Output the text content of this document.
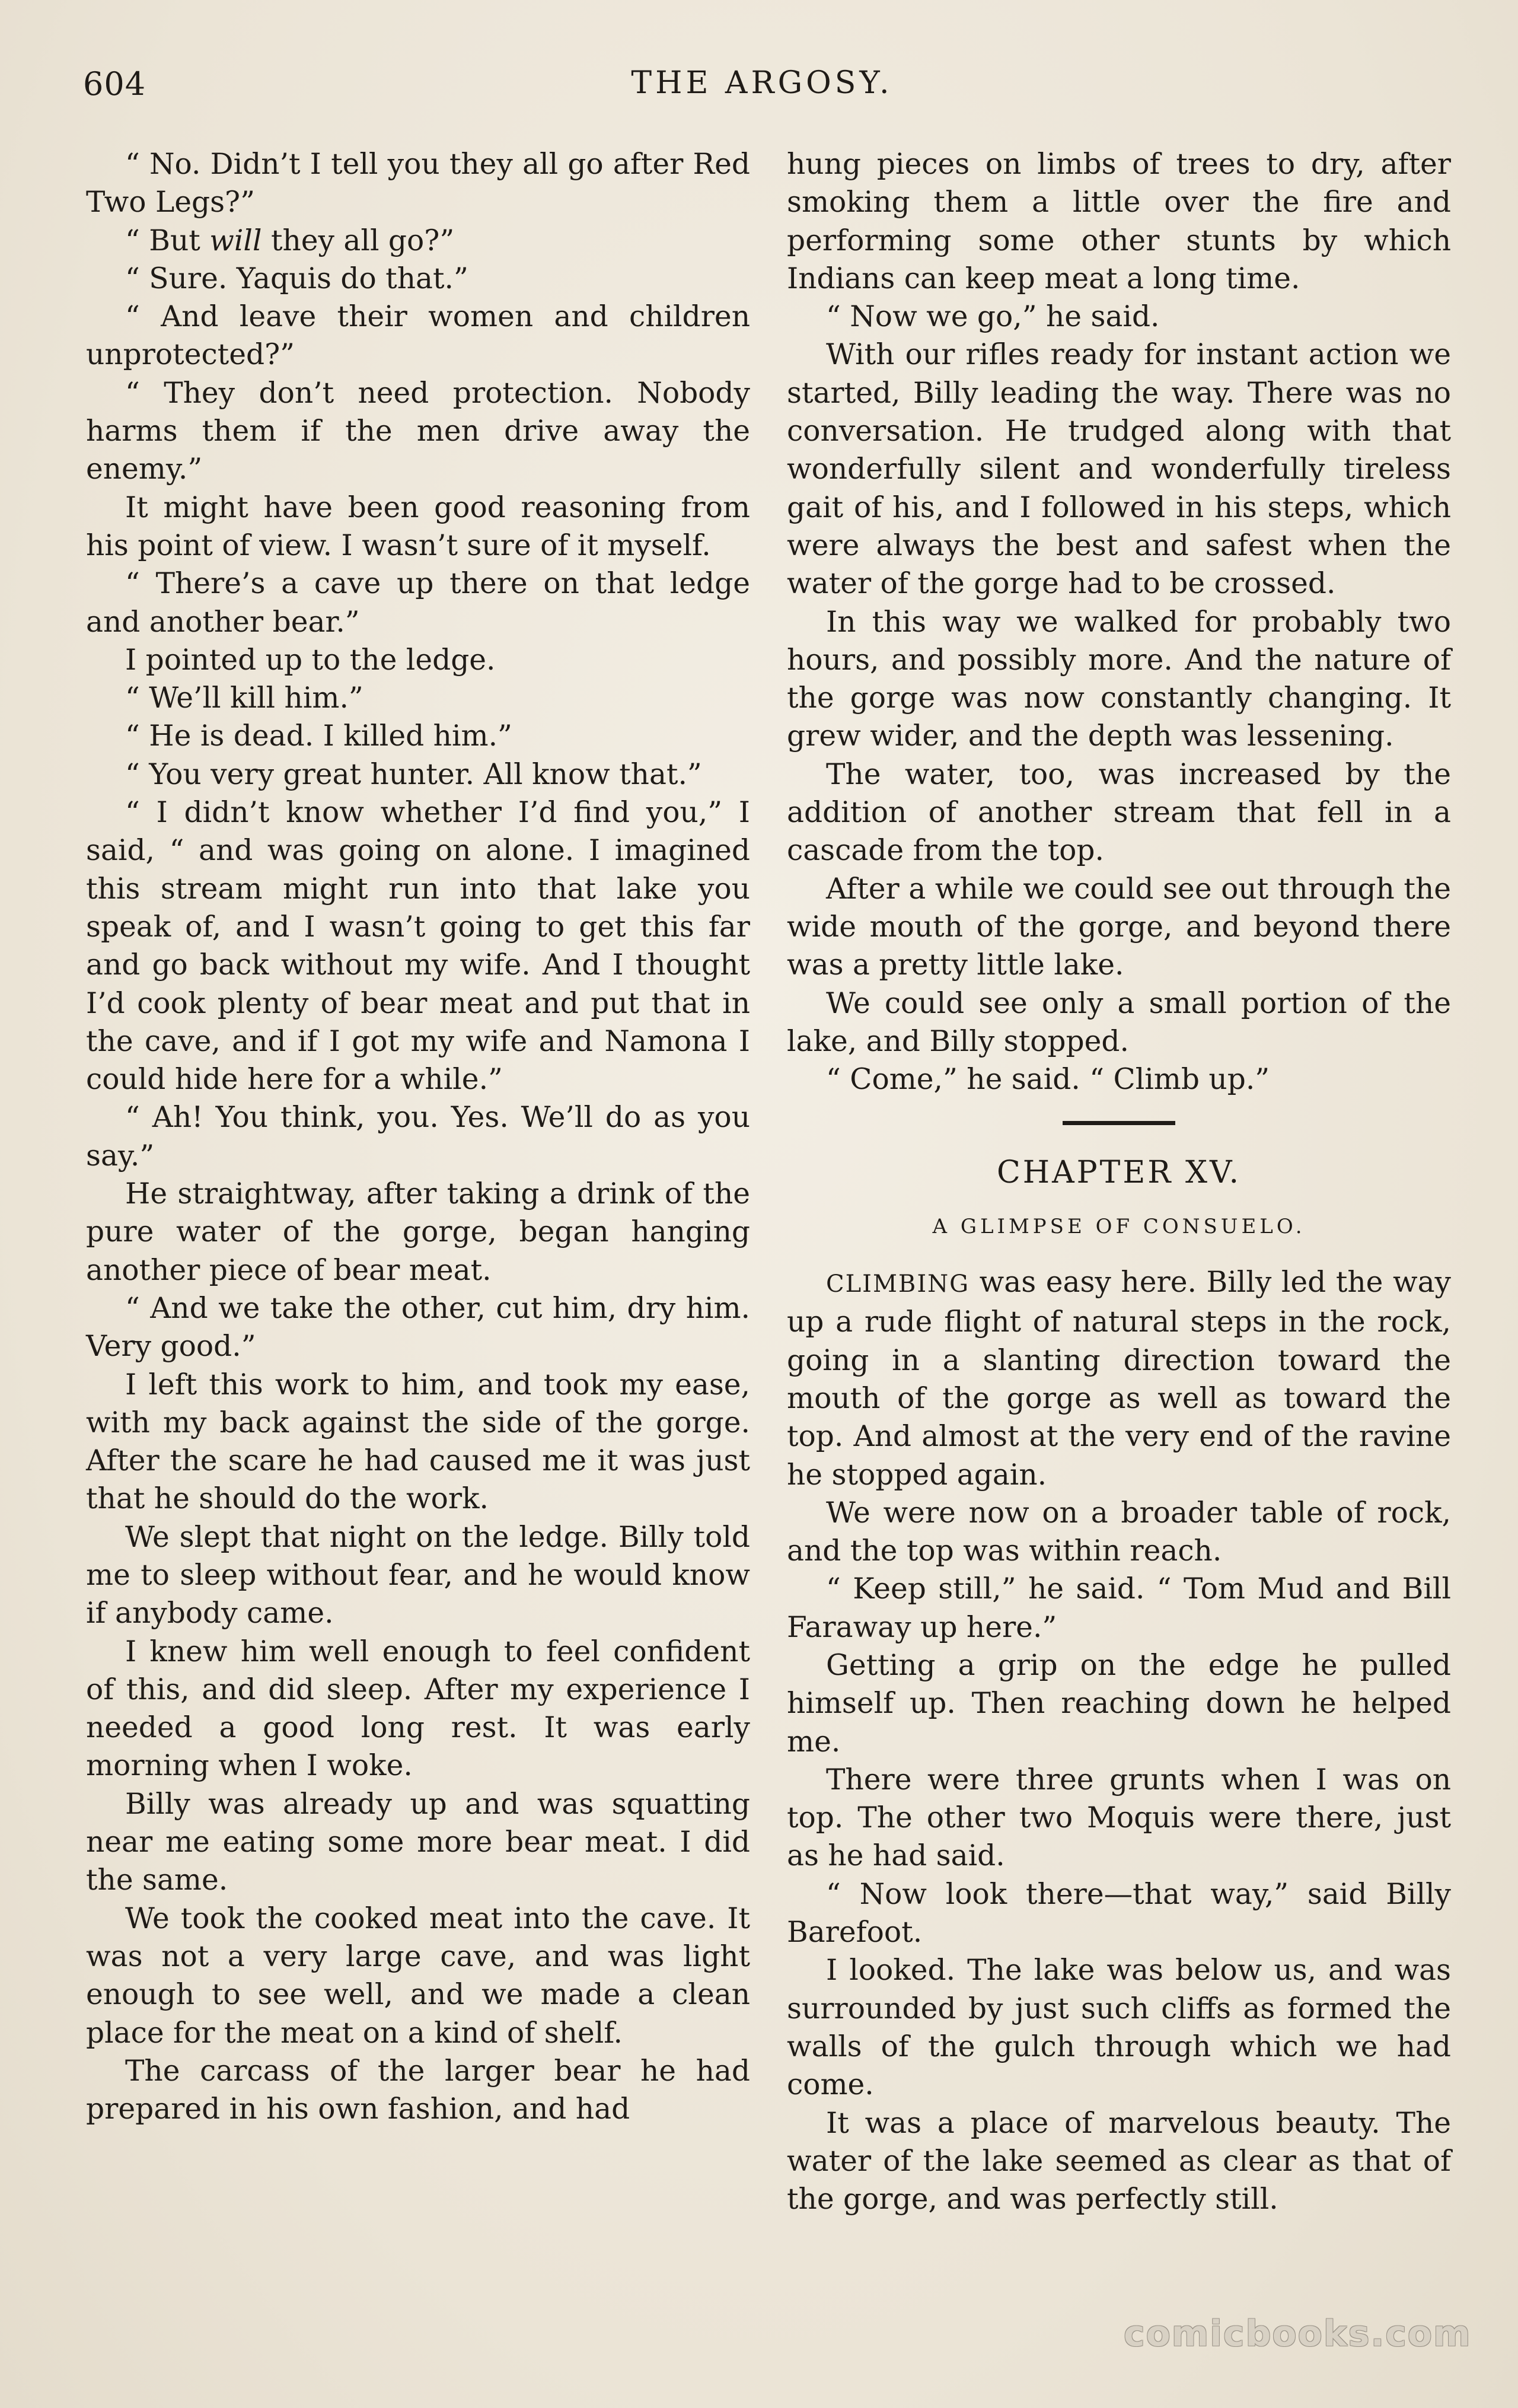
604	THE ARGOSY.

“ No. Didn’t I tell you they all go after Red Two Legs?”

“ But will they all go?”

“ Sure. Yaquis do that.”

“ And leave their women and children unprotected?”

“ They don’t need protection. Nobody harms them if the men drive away the enemy.”

It might have been good reasoning from his point of view. I wasn’t sure of it myself.

“ There’s a cave up there on that ledge and another bear.”

I pointed up to the ledge.

“ We’ll kill him.”

“ He is dead. I killed him.”

“ You very great hunter. All know that.”

“ I didn’t know whether I’d find you,” I said, “ and was going on alone. I imagined this stream might run into that lake you speak of, and I wasn’t going to get this far and go back without my wife. And I thought I’d cook plenty of bear meat and put that in the cave, and if I got my wife and Namona I could hide here for a while.”

“ Ah! You think, you. Yes. We’ll do as you say.”

He straightway, after taking a drink of the pure water of the gorge, began hanging another piece of bear meat.

“ And we take the other, cut him, dry him. Very good.”

I left this work to him, and took my ease, with my back against the side of the gorge. After the scare he had caused me it was just that he should do the work.

We slept that night on the ledge. Billy told me to sleep without fear, and he would know if anybody came.

I knew him well enough to feel confident of this, and did sleep. After my experience I needed a good long rest. It was early morning when I woke.

Billy was already up and was squatting near me eating some more bear meat. I did the same.

We took the cooked meat into the cave. It was not a very large cave, and was light enough to see well, and we made a clean place for the meat on a kind of shelf.

The carcass of the larger bear he had prepared in his own fashion, and had

hung pieces on limbs of trees to dry, after smoking them a little over the fire and performing some other stunts by which Indians can keep meat a long time.

“ Now we go,” he said.

With our rifles ready for instant action we started, Billy leading the way. There was no conversation. He trudged along with that wonderfully silent and wonderfully tireless gait of his, and I followed in his steps, which were always the best and safest when the water of the gorge had to be crossed.

In this way we walked for probably two hours, and possibly more. And the nature of the gorge was now constantly changing. It grew wider, and the depth was lessening.

The water, too, was increased by the addition of another stream that fell in a cascade from the top.

After a while we could see out through the wide mouth of the gorge, and beyond there was a pretty little lake.

We could see only a small portion of the lake, and Billy stopped.

“ Come,” he said. “ Climb up.”

CHAPTER XV.
A GLIMPSE OF CONSUELO.

CLIMBING was easy here. Billy led the way up a rude flight of natural steps in the rock, going in a slanting direction toward the mouth of the gorge as well as toward the top. And almost at the very end of the ravine he stopped again.

We were now on a broader table of rock, and the top was within reach.

“ Keep still,” he said. “ Tom Mud and Bill Faraway up here.”

Getting a grip on the edge he pulled himself up. Then reaching down he helped me.

There were three grunts when I was on top. The other two Moquis were there, just as he had said.

“ Now look there—that way,” said Billy Barefoot.

I looked. The lake was below us, and was surrounded by just such cliffs as formed the walls of the gulch through which we had come.

It was a place of marvelous beauty. The water of the lake seemed as clear as that of the gorge, and was perfectly still.

comicbooks.com
